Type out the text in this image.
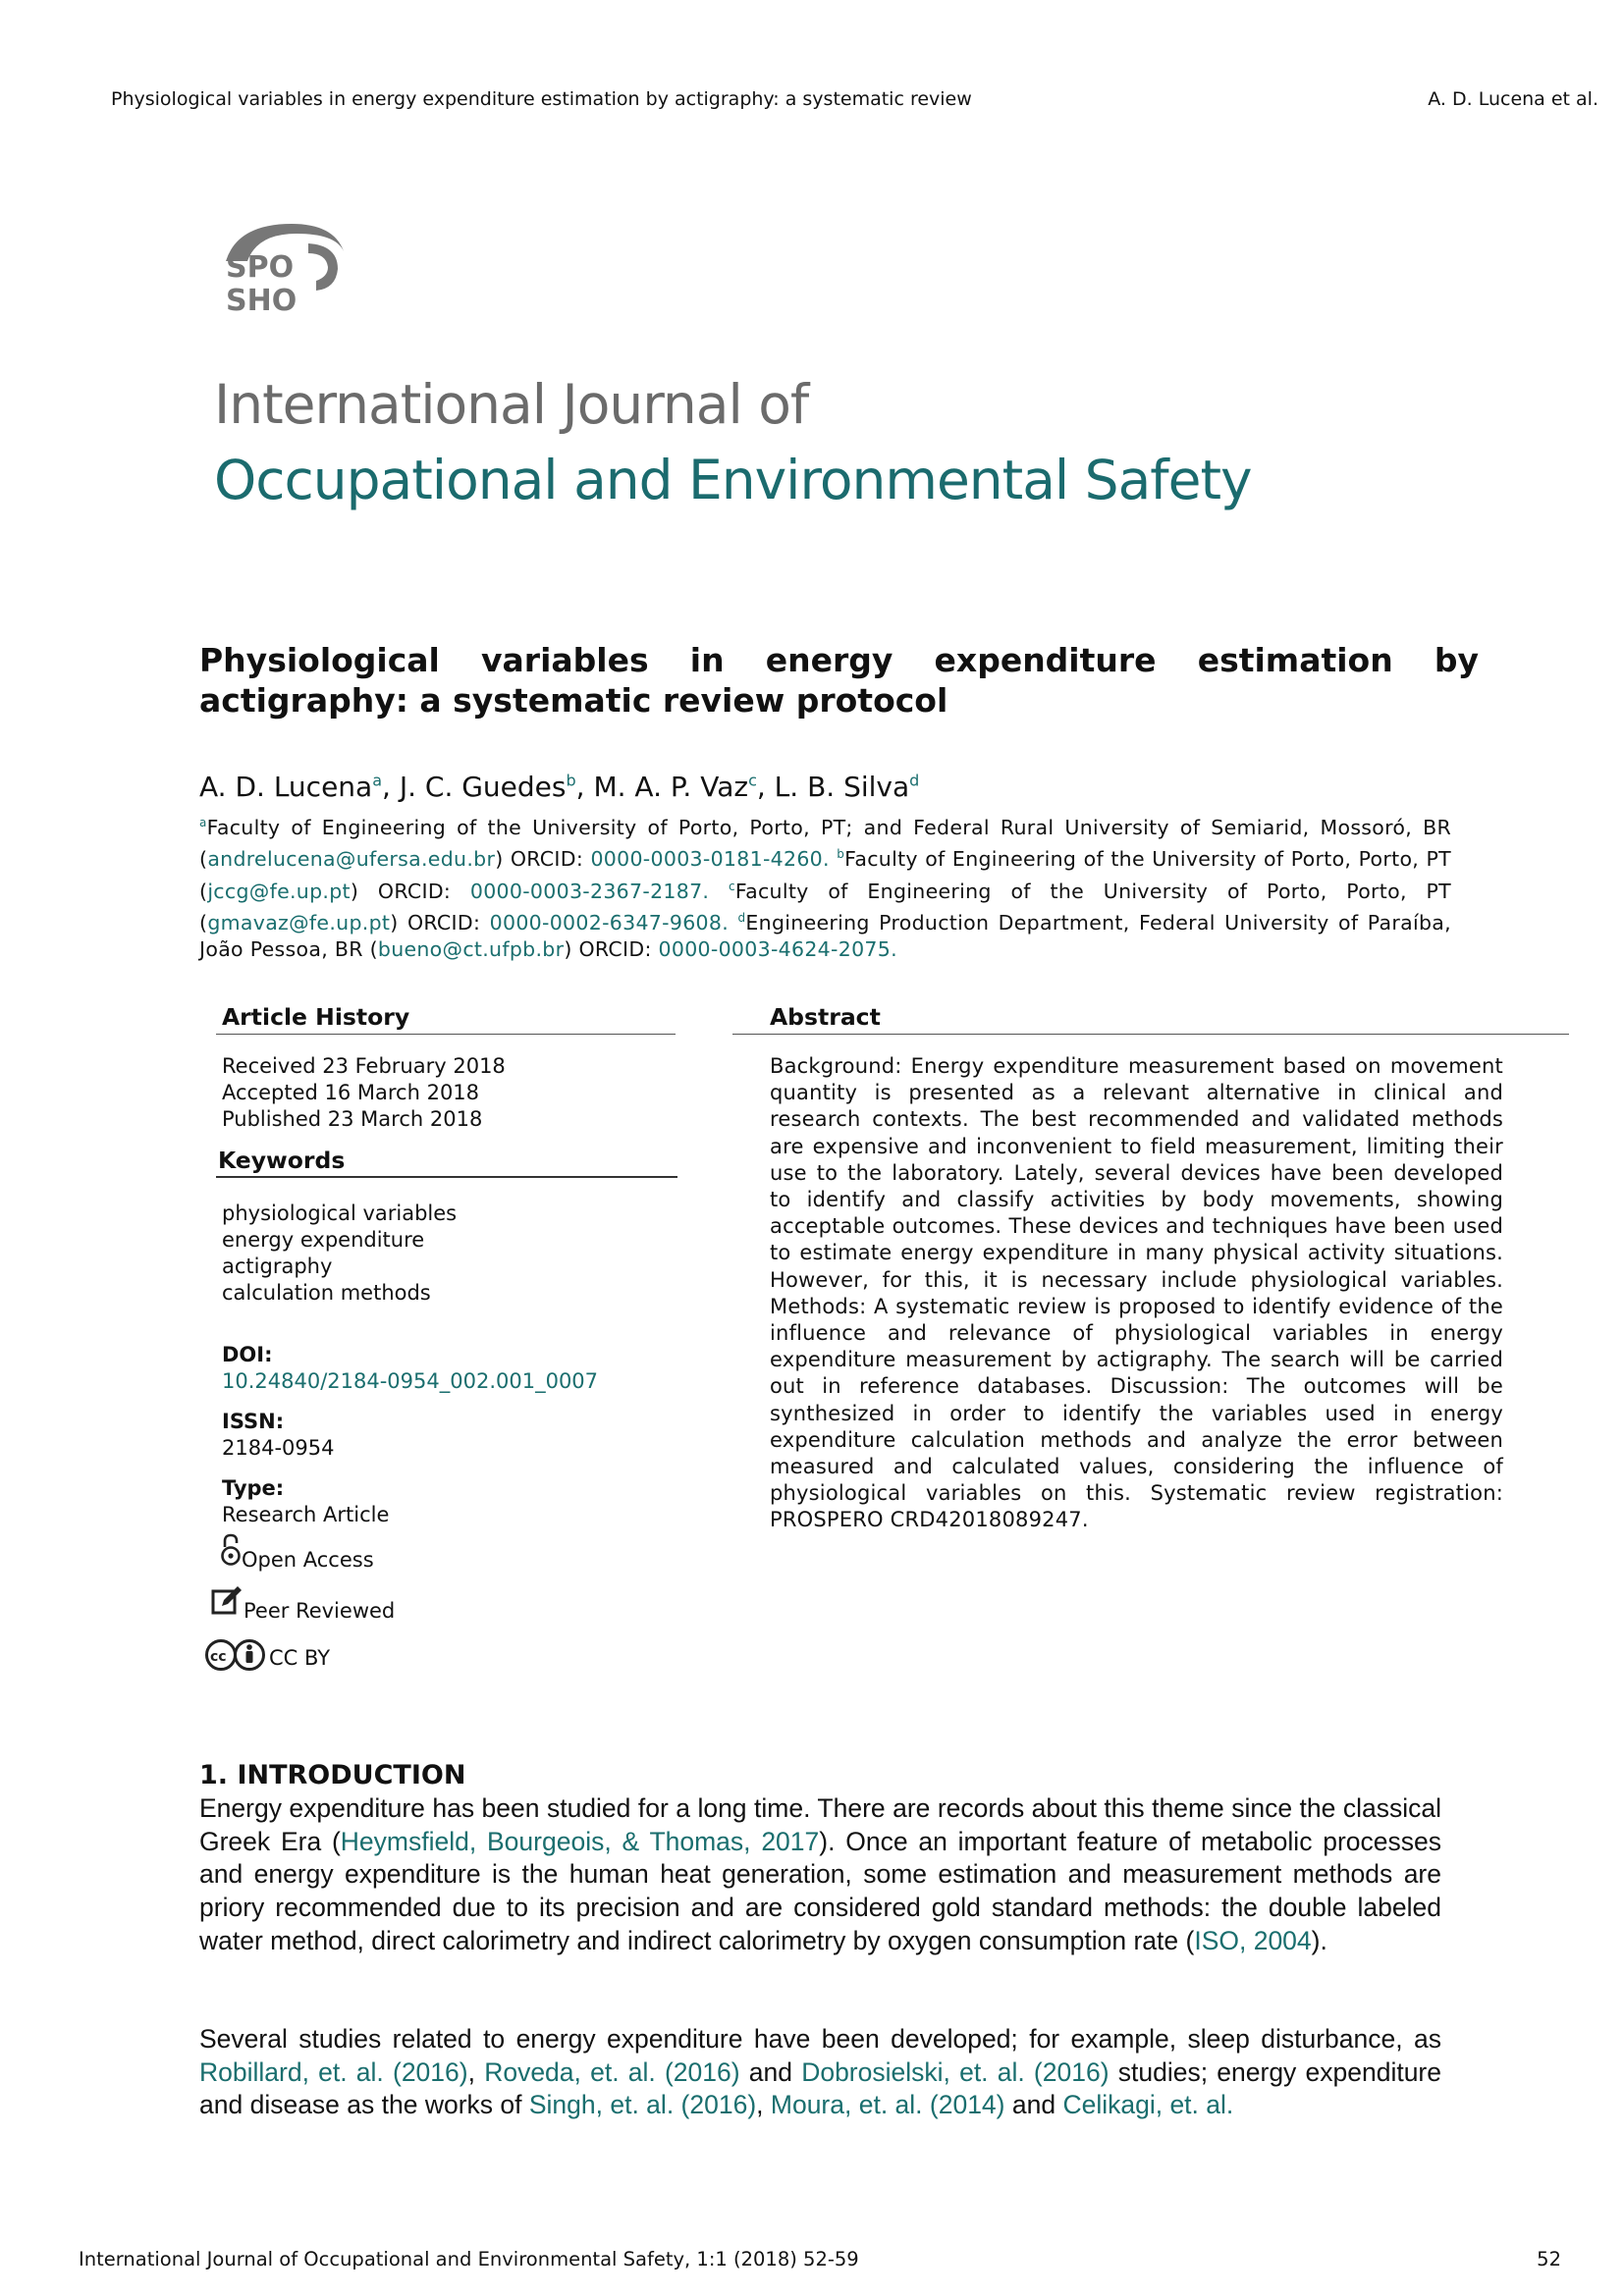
Physiological variables in energy expenditure estimation by actigraphy: a systematic review	A. D. Lucena et al.
SPO
SHO
International Journal of
Occupational and Environmental Safety
Physiological variables in energy expenditure estimation by actigraphy: a systematic review protocol
A. D. Lucena$^a$, J. C. Guedes$^b$, M. A. P. Vaz$^c$, L. B. Silva$^d$
$^a$Faculty of Engineering of the University of Porto, Porto, PT; and Federal Rural University of Semiarid, Mossoró, BR (andrelucena@ufersa.edu.br) ORCID: 0000-0003-0181-4260. $^b$Faculty of Engineering of the University of Porto, Porto, PT (jccg@fe.up.pt) ORCID: 0000-0003-2367-2187. $^c$Faculty of Engineering of the University of Porto, Porto, PT (gmavaz@fe.up.pt) ORCID: 0000-0002-6347-9608. $^d$Engineering Production Department, Federal University of Paraíba, João Pessoa, BR (bueno@ct.ufpb.br) ORCID: 0000-0003-4624-2075.
Article History
Received 23 February 2018
Accepted 16 March 2018
Published 23 March 2018
Keywords
physiological variables
energy expenditure
actigraphy
calculation methods
DOI:
10.24840/2184-0954_002.001_0007
ISSN:
2184-0954
Type:
Research Article
Open Access
Peer Reviewed
cc CC BY
Abstract
Background: Energy expenditure measurement based on movement quantity is presented as a relevant alternative in clinical and research contexts. The best recommended and validated methods are expensive and inconvenient to field measurement, limiting their use to the laboratory. Lately, several devices have been developed to identify and classify activities by body movements, showing acceptable outcomes. These devices and techniques have been used to estimate energy expenditure in many physical activity situations. However, for this, it is necessary include physiological variables. Methods: A systematic review is proposed to identify evidence of the influence and relevance of physiological variables in energy expenditure measurement by actigraphy. The search will be carried out in reference databases. Discussion: The outcomes will be synthesized in order to identify the variables used in energy expenditure calculation methods and analyze the error between measured and calculated values, considering the influence of physiological variables on this. Systematic review registration: PROSPERO CRD42018089247.
1. INTRODUCTION
Energy expenditure has been studied for a long time. There are records about this theme since the classical Greek Era (Heymsfield, Bourgeois, & Thomas, 2017). Once an important feature of metabolic processes and energy expenditure is the human heat generation, some estimation and measurement methods are priory recommended due to its precision and are considered gold standard methods: the double labeled water method, direct calorimetry and indirect calorimetry by oxygen consumption rate (ISO, 2004).
Several studies related to energy expenditure have been developed; for example, sleep disturbance, as Robillard, et. al. (2016), Roveda, et. al. (2016) and Dobrosielski, et. al. (2016) studies; energy expenditure and disease as the works of Singh, et. al. (2016), Moura, et. al. (2014) and Celikagi, et. al.
International Journal of Occupational and Environmental Safety, 1:1 (2018) 52-59	52
